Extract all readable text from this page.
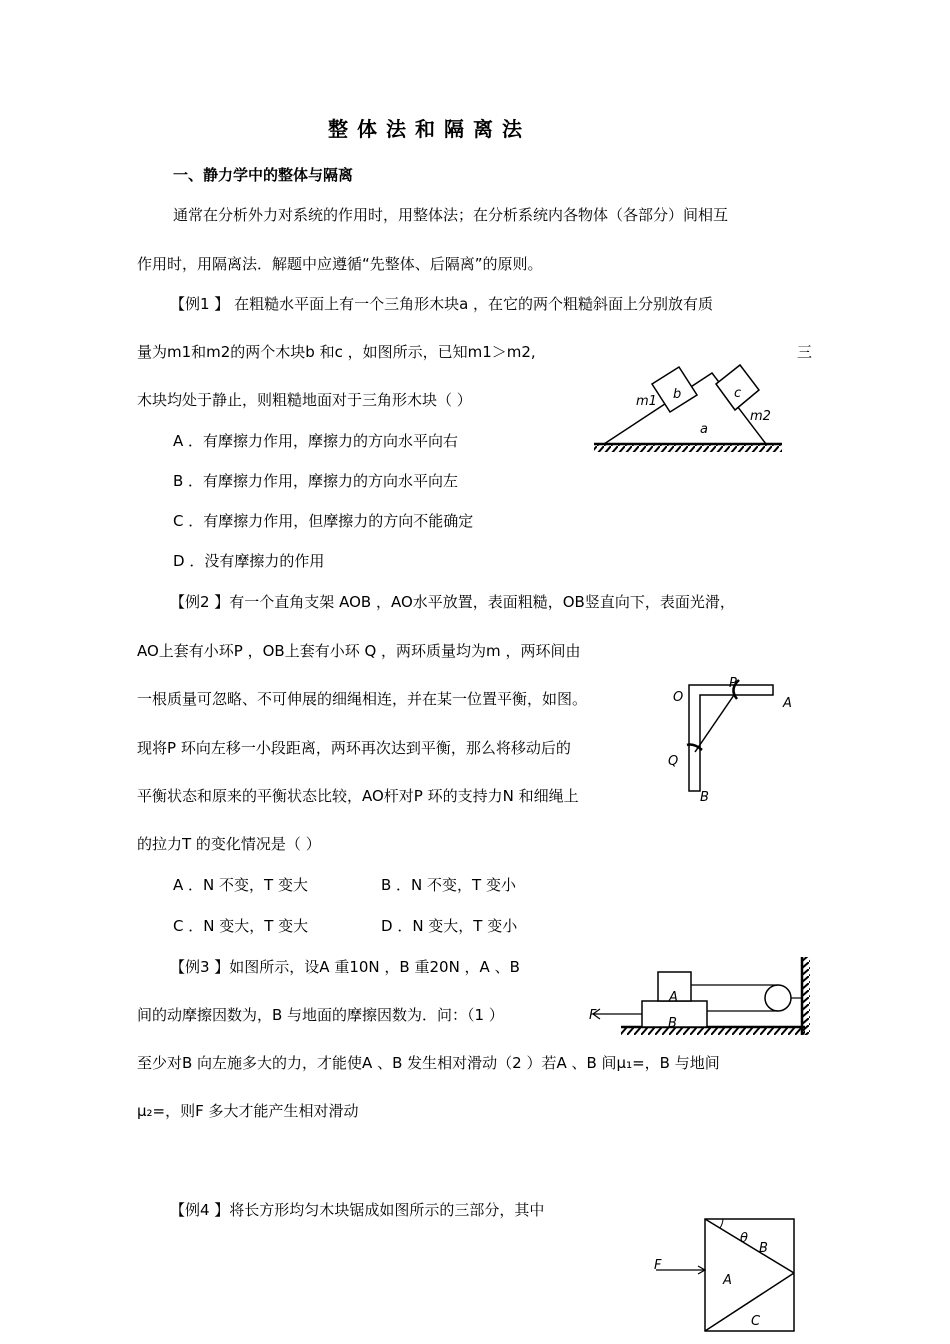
整体法和隔离法
一、静力学中的整体与隔离
通常在分析外力对系统的作用时，用整体法；在分析系统内各物体（各部分）间相互
作用时，用隔离法．解题中应遵循“先整体、后隔离”的原则。
【例1 】 在粗糙水平面上有一个三角形木块a ，在它的两个粗糙斜面上分别放有质
量为m1和m2的两个木块b 和c ，如图所示，已知m1＞m2,	三
木块均处于静止，则粗糙地面对于三角形木块（ ）
A ．有摩擦力作用，摩擦力的方向水平向右
B ．有摩擦力作用，摩擦力的方向水平向左
C ．有摩擦力作用，但摩擦力的方向不能确定
D ．没有摩擦力的作用
a
b	c
m1
m2
【例2 】有一个直角支架 AOB ，AO水平放置，表面粗糙，OB竖直向下，表面光滑，
AO上套有小环P ，OB上套有小环 Q ，两环质量均为m ，两环间由
一根质量可忽略、不可伸展的细绳相连，并在某一位置平衡，如图。
现将P 环向左移一小段距离，两环再次达到平衡，那么将移动后的
平衡状态和原来的平衡状态比较，AO杆对P 环的支持力N 和细绳上
的拉力T 的变化情况是（ ）
A ．N 不变，T 变大	B ．N 不变，T 变小
C ．N 变大，T 变大	D ．N 变大，T 变小
O
P
A
Q
B
【例3 】如图所示，设A 重10N ，B 重20N ，A 、B
间的动摩擦因数为，B 与地面的摩擦因数为．问：（1 ）
至少对B 向左施多大的力，才能使A 、B 发生相对滑动（2 ）若A 、B 间μ₁=，B 与地间
μ₂=，则F 多大才能产生相对滑动
A
B
F
【例4 】将长方形均匀木块锯成如图所示的三部分，其中
θ
B
A
C
F
